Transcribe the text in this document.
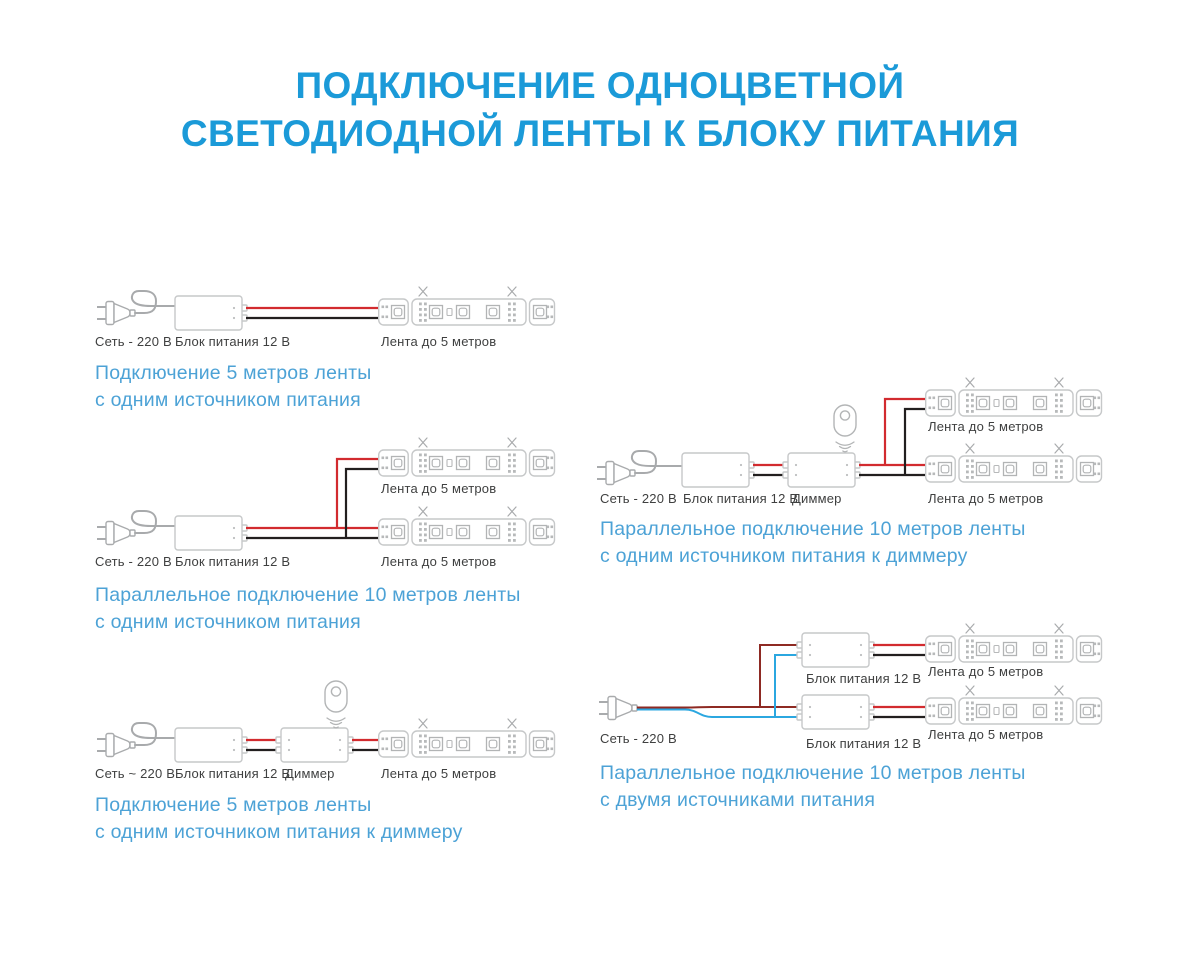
ПОДКЛЮЧЕНИЕ ОДНОЦВЕТНОЙ
СВЕТОДИОДНОЙ ЛЕНТЫ К БЛОКУ ПИТАНИЯ
Сеть - 220 В Блок питания 12 В	Лента до 5 метров
Подключение 5 метров ленты
с одним источником питания
Лента до 5 метров
Сеть - 220 В Блок питания 12 В	Лента до 5 метров
Параллельное подключение 10 метров ленты
с одним источником питания
Сеть ~ 220 В Блок питания 12 В
Диммер	Лента до 5 метров
Подключение 5 метров ленты
с одним источником питания к диммеру
Лента до 5 метров
Сеть - 220 В Блок питания 12 В
Диммер	Лента до 5 метров
Параллельное подключение 10 метров ленты
с одним источником питания к диммеру
Лента до 5 метров
Блок питания 12 В
Лента до 5 метров
Сеть - 220 В	Блок питания 12 В
Параллельное подключение 10 метров ленты
с двумя источниками питания
